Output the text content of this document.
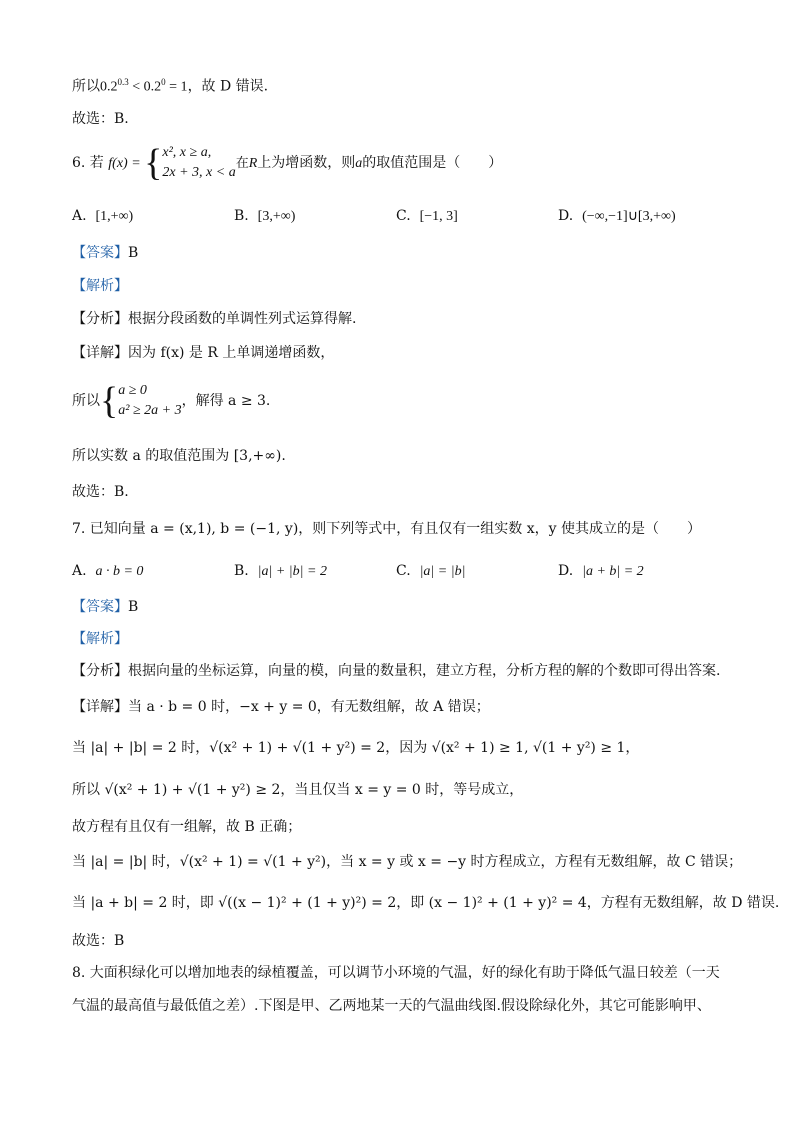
所以$0.2^{0.3} < 0.2^0 = 1$，故 D 错误.
故选：B.
6. 若 f(x) = {x², x ≥ a,
2x + 3, x < a在R上为增函数，则a的取值范围是（　　）
A. [1,+∞)	B. [3,+∞)	C. [−1, 3]	D. (−∞,−1]∪[3,+∞)
【答案】B
【解析】
【分析】根据分段函数的单调性列式运算得解.
【详解】因为 f(x) 是 R 上单调递增函数，
所以{a ≥ 0
a² ≥ 2a + 3，解得 a ≥ 3.
所以实数 a 的取值范围为 [3,+∞).
故选：B.
7. 已知向量 a = (x,1), b = (−1, y)，则下列等式中，有且仅有一组实数 x，y 使其成立的是（　　）
A. a · b = 0	B. |a| + |b| = 2	C. |a| = |b|	D. |a + b| = 2
【答案】B
【解析】
【分析】根据向量的坐标运算，向量的模，向量的数量积，建立方程，分析方程的解的个数即可得出答案.
【详解】当 a · b = 0 时，−x + y = 0，有无数组解，故 A 错误；
当 |a| + |b| = 2 时，√(x² + 1) + √(1 + y²) = 2，因为 √(x² + 1) ≥ 1, √(1 + y²) ≥ 1，
所以 √(x² + 1) + √(1 + y²) ≥ 2，当且仅当 x = y = 0 时，等号成立，
故方程有且仅有一组解，故 B 正确；
当 |a| = |b| 时，√(x² + 1) = √(1 + y²)，当 x = y 或 x = −y 时方程成立，方程有无数组解，故 C 错误；
当 |a + b| = 2 时，即 √((x − 1)² + (1 + y)²) = 2，即 (x − 1)² + (1 + y)² = 4，方程有无数组解，故 D 错误.
故选：B
8. 大面积绿化可以增加地表的绿植覆盖，可以调节小环境的气温，好的绿化有助于降低气温日较差（一天
气温的最高值与最低值之差）.下图是甲、乙两地某一天的气温曲线图.假设除绿化外，其它可能影响甲、
